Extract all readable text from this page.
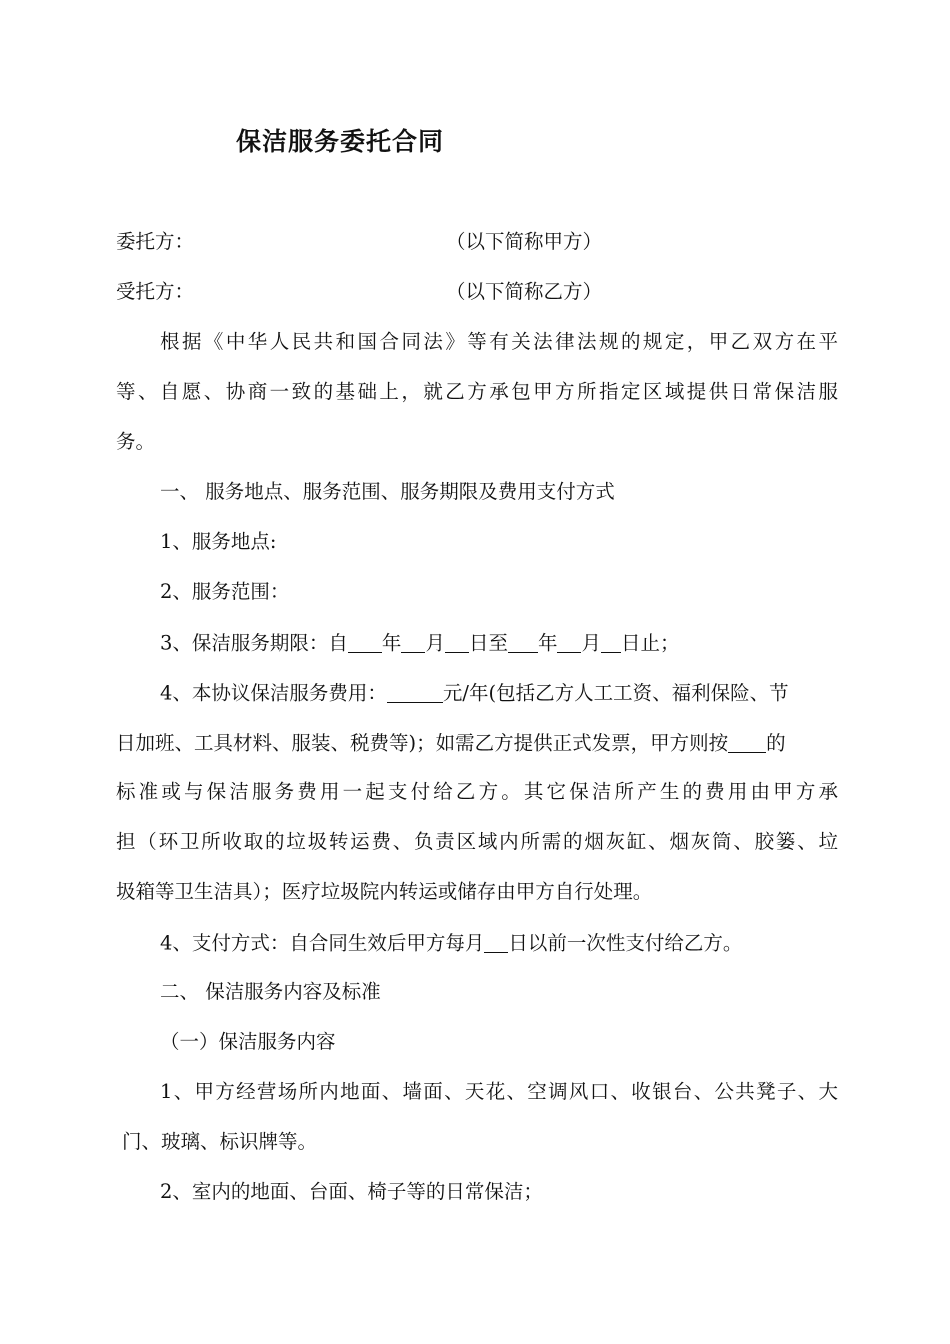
保洁服务委托合同
委托方：	（以下简称甲方）
受托方：	（以下简称乙方）
根据《中华人民共和国合同法》等有关法律法规的规定，甲乙双方在平
等、自愿、协商一致的基础上，就乙方承包甲方所指定区域提供日常保洁服
务。
一、 服务地点、服务范围、服务期限及费用支付方式
1、服务地点:
2、服务范围：
3、保洁服务期限：自 年 月 日至 年 月 日止；
4、本协议保洁服务费用：	元/年(包括乙方人工工资、福利保险、节
日加班、工具材料、服装、税费等)；如需乙方提供正式发票，甲方则按 的
标准或与保洁服务费用一起支付给乙方。其它保洁所产生的费用由甲方承
担（环卫所收取的垃圾转运费、负责区域内所需的烟灰缸、烟灰筒、胶篓、垃
圾箱等卫生洁具）；医疗垃圾院内转运或储存由甲方自行处理。
4、支付方式：自合同生效后甲方每月 日以前一次性支付给乙方。
二、 保洁服务内容及标准
（一）保洁服务内容
1、甲方经营场所内地面、墙面、天花、空调风口、收银台、公共凳子、大
门、玻璃、标识牌等。
2、室内的地面、台面、椅子等的日常保洁；
